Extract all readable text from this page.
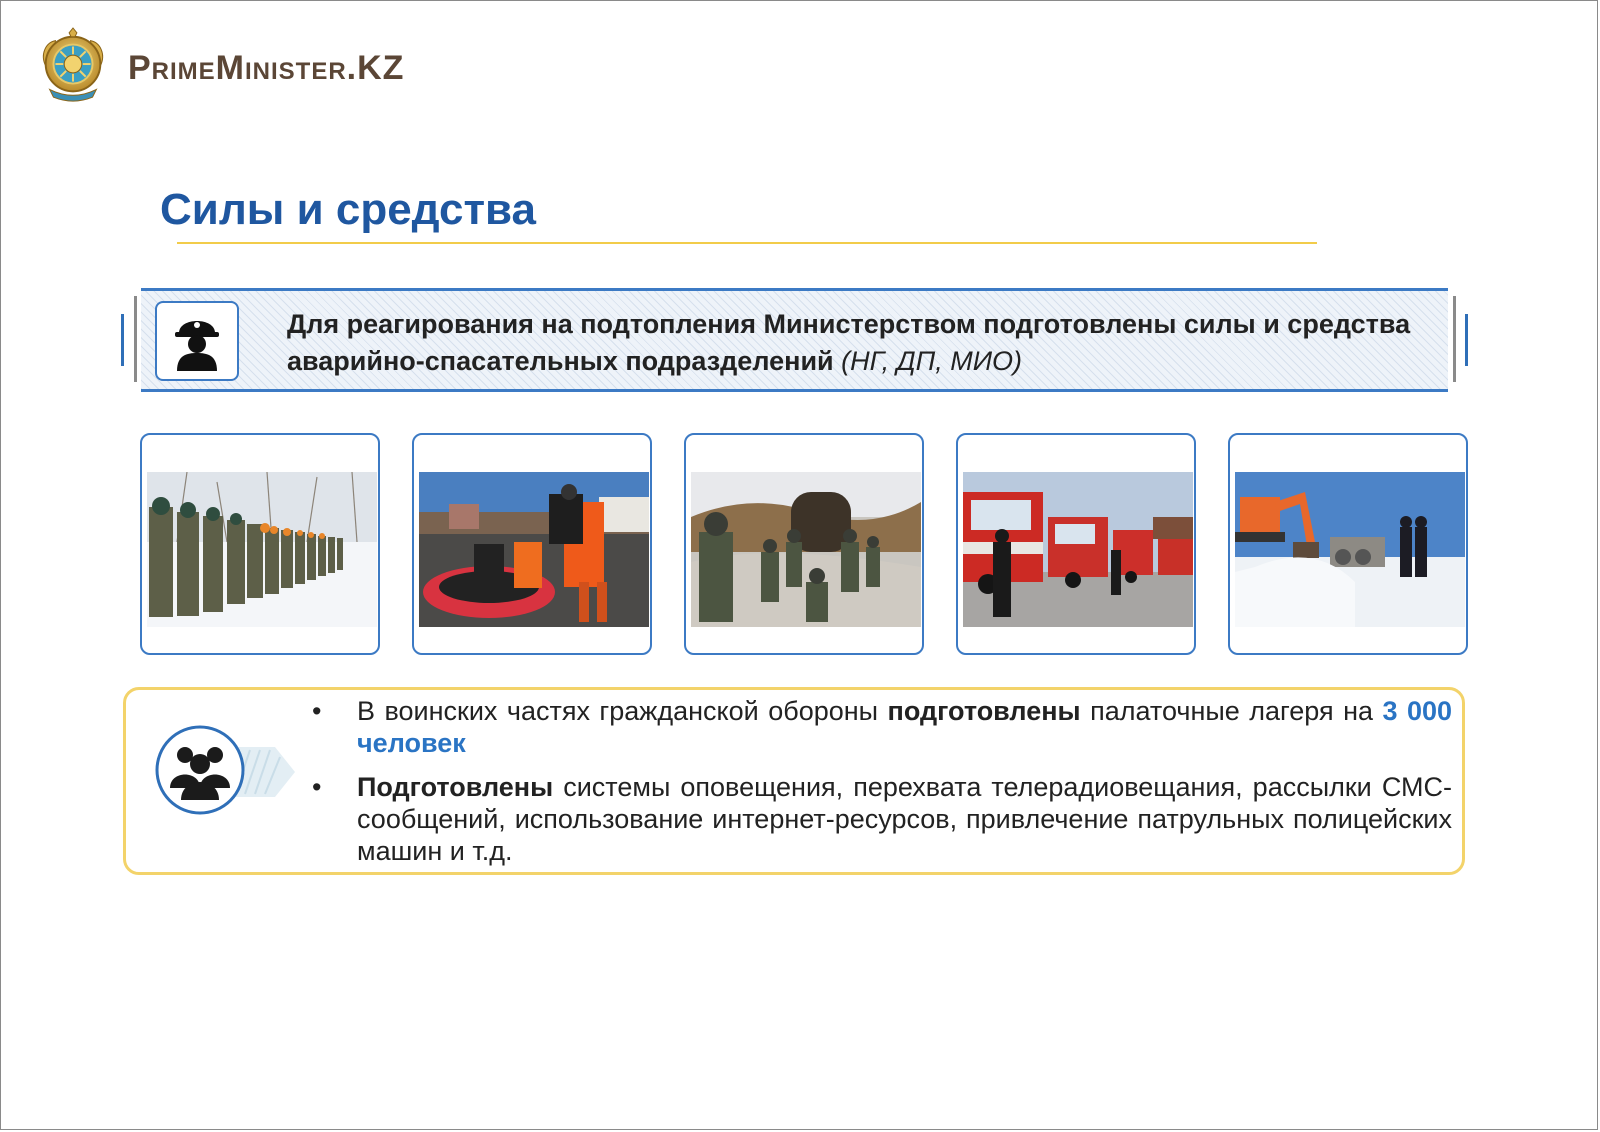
PrimeMinister.KZ
Силы и средства
Для реагирования на подтопления Министерством подготовлены силы и средства аварийно-спасательных подразделений (НГ, ДП, МИО)
• В воинских частях гражданской обороны подготовлены палаточные лагеря на 3 000 человек
• Подготовлены системы оповещения, перехвата телерадиовещания, рассылки СМС-сообщений, использование интернет-ресурсов, привлечение патрульных полицейских машин и т.д.
